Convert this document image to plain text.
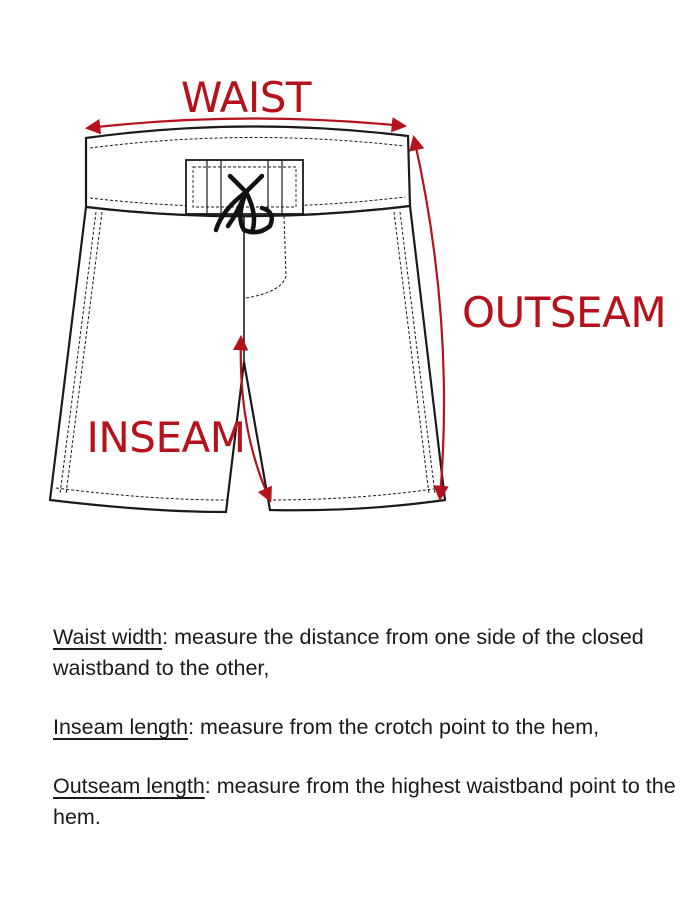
WAIST
OUTSEAM
INSEAM

Waist width: measure the distance from one side of the closed waistband to the other,

Inseam length: measure from the crotch point to the hem,

Outseam length: measure from the highest waistband point to the hem.
